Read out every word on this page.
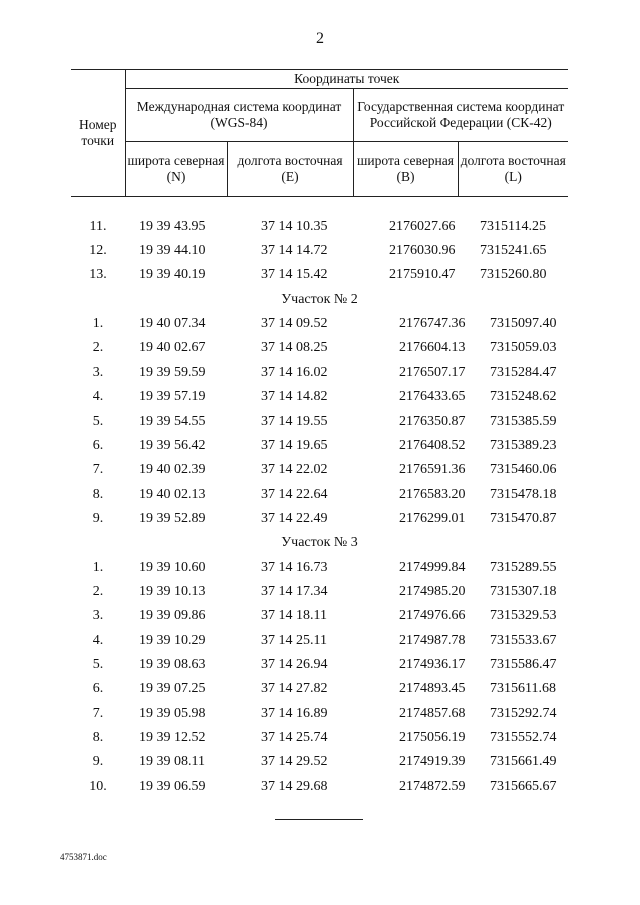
2
Номер точки	Координаты точек			
	Международная система координат (WGS-84)		Государственная система координат Российской Федерации (СК-42)	
	широта северная (N)	долгота восточная (E)	широта северная (B)	долгота восточная (L)

11.	19 39 43.95	37 14 10.35	2176027.66	7315114.25
12.	19 39 44.10	37 14 14.72	2176030.96	7315241.65
13.	19 39 40.19	37 14 15.42	2175910.47	7315260.80
Участок № 2				
1.	19 40 07.34	37 14 09.52	2176747.36	7315097.40
2.	19 40 02.67	37 14 08.25	2176604.13	7315059.03
3.	19 39 59.59	37 14 16.02	2176507.17	7315284.47
4.	19 39 57.19	37 14 14.82	2176433.65	7315248.62
5.	19 39 54.55	37 14 19.55	2176350.87	7315385.59
6.	19 39 56.42	37 14 19.65	2176408.52	7315389.23
7.	19 40 02.39	37 14 22.02	2176591.36	7315460.06
8.	19 40 02.13	37 14 22.64	2176583.20	7315478.18
9.	19 39 52.89	37 14 22.49	2176299.01	7315470.87
Участок № 3				
1.	19 39 10.60	37 14 16.73	2174999.84	7315289.55
2.	19 39 10.13	37 14 17.34	2174985.20	7315307.18
3.	19 39 09.86	37 14 18.11	2174976.66	7315329.53
4.	19 39 10.29	37 14 25.11	2174987.78	7315533.67
5.	19 39 08.63	37 14 26.94	2174936.17	7315586.47
6.	19 39 07.25	37 14 27.82	2174893.45	7315611.68
7.	19 39 05.98	37 14 16.89	2174857.68	7315292.74
8.	19 39 12.52	37 14 25.74	2175056.19	7315552.74
9.	19 39 08.11	37 14 29.52	2174919.39	7315661.49
10.	19 39 06.59	37 14 29.68	2174872.59	7315665.67
4753871.doc
